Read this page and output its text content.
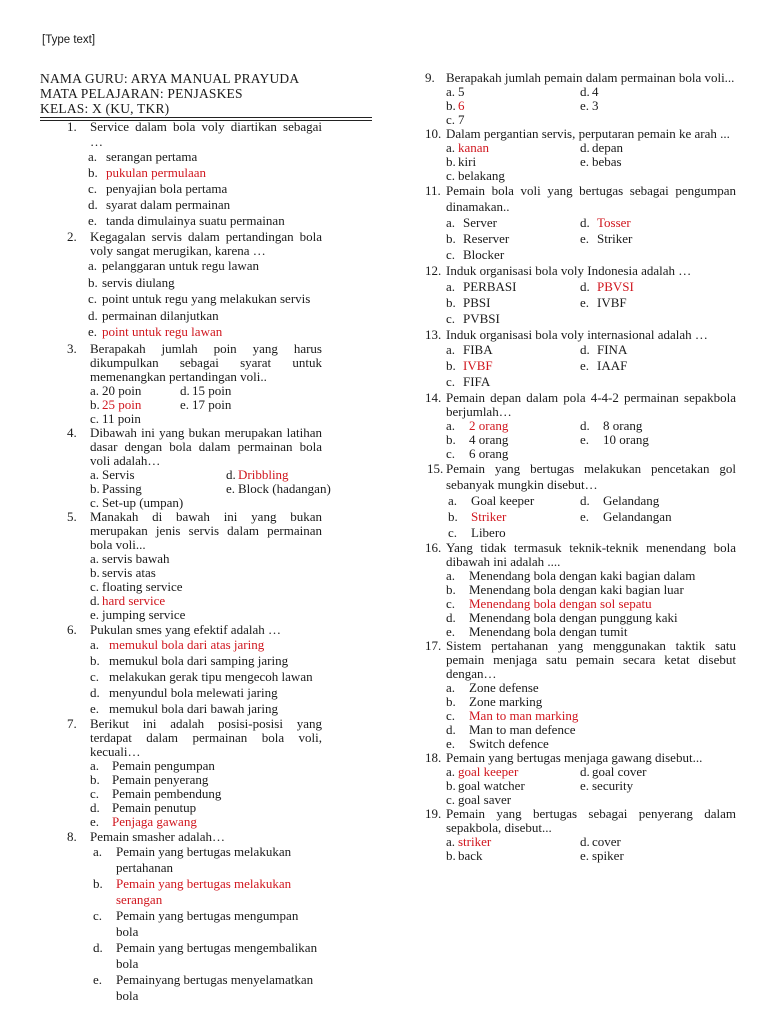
[Type text]
NAMA GURU: ARYA MANUAL PRAYUDA
MATA PELAJARAN: PENJASKES
KELAS: X (KU, TKR)
1. Service dalam bola voly diartikan sebagai …
a. serangan pertama
b. pukulan permulaan
c. penyajian bola pertama
d. syarat dalam permainan
e. tanda dimulainya suatu permainan
2. Kegagalan servis dalam pertandingan bola voly sangat merugikan, karena …
a. pelanggaran untuk regu lawan
b. servis diulang
c. point untuk regu yang melakukan servis
d. permainan dilanjutkan
e. point untuk regu lawan
3. Berapakah jumlah poin yang harus dikumpulkan sebagai syarat untuk memenangkan pertandingan voli..
a. 20 poin
b. 25 poin
c. 11 poin
d. 15 poin
e. 17 poin
4. Dibawah ini yang bukan merupakan latihan dasar dengan bola dalam permainan bola voli adalah…
a. Servis
b. Passing
c. Set-up (umpan)
d. Dribbling
e. Block (hadangan)
5. Manakah di bawah ini yang bukan merupakan jenis servis dalam permainan bola voli...
a. servis bawah
b. servis atas
c. floating service
d. hard service
e. jumping service
6. Pukulan smes yang efektif adalah …
a. memukul bola dari atas jaring
b. memukul bola dari samping jaring
c. melakukan gerak tipu mengecoh lawan
d. menyundul bola melewati jaring
e. memukul bola dari bawah jaring
7. Berikut ini adalah posisi-posisi yang terdapat dalam permainan bola voli, kecuali…
a. Pemain pengumpan
b. Pemain penyerang
c. Pemain pembendung
d. Pemain penutup
e. Penjaga gawang
8. Pemain smasher adalah…
a. Pemain yang bertugas melakukan pertahanan
b. Pemain yang bertugas melakukan serangan
c. Pemain yang bertugas mengumpan bola
d. Pemain yang bertugas mengembalikan bola
e. Pemainyang bertugas menyelamatkan bola
9. Berapakah jumlah pemain dalam permainan bola voli...
a. 5
b. 6
c. 7
d. 4
e. 3
10. Dalam pergantian servis, perputaran pemain ke arah ...
a. kanan
b. kiri
c. belakang
d. depan
e. bebas
11. Pemain bola voli yang bertugas sebagai pengumpan dinamakan..
a. Server
b. Reserver
c. Blocker
d. Tosser
e. Striker
12. Induk organisasi bola voly Indonesia adalah …
a. PERBASI
b. PBSI
c. PVBSI
d. PBVSI
e. IVBF
13. Induk organisasi bola voly internasional adalah …
a. FIBA
b. IVBF
c. FIFA
d. FINA
e. IAAF
14. Pemain depan dalam pola 4-4-2 permainan sepakbola berjumlah…
a. 2 orang
b. 4 orang
c. 6 orang
d. 8 orang
e. 10 orang
15. Pemain yang bertugas melakukan pencetakan gol sebanyak mungkin disebut…
a. Goal keeper
b. Striker
c. Libero
d. Gelandang
e. Gelandangan
16. Yang tidak termasuk teknik-teknik menendang bola dibawah ini adalah ....
a. Menendang bola dengan kaki bagian dalam
b. Menendang bola dengan kaki bagian luar
c. Menendang bola dengan sol sepatu
d. Menendang bola dengan punggung kaki
e. Menendang bola dengan tumit
17. Sistem pertahanan yang menggunakan taktik satu pemain menjaga satu pemain secara ketat disebut dengan…
a. Zone defense
b. Zone marking
c. Man to man marking
d. Man to man defence
e. Switch defence
18. Pemain yang bertugas menjaga gawang disebut...
a. goal keeper
b. goal watcher
c. goal saver
d. goal cover
e. security
19. Pemain yang bertugas sebagai penyerang dalam sepakbola, disebut...
a. striker
b. back
d. cover
e. spiker
